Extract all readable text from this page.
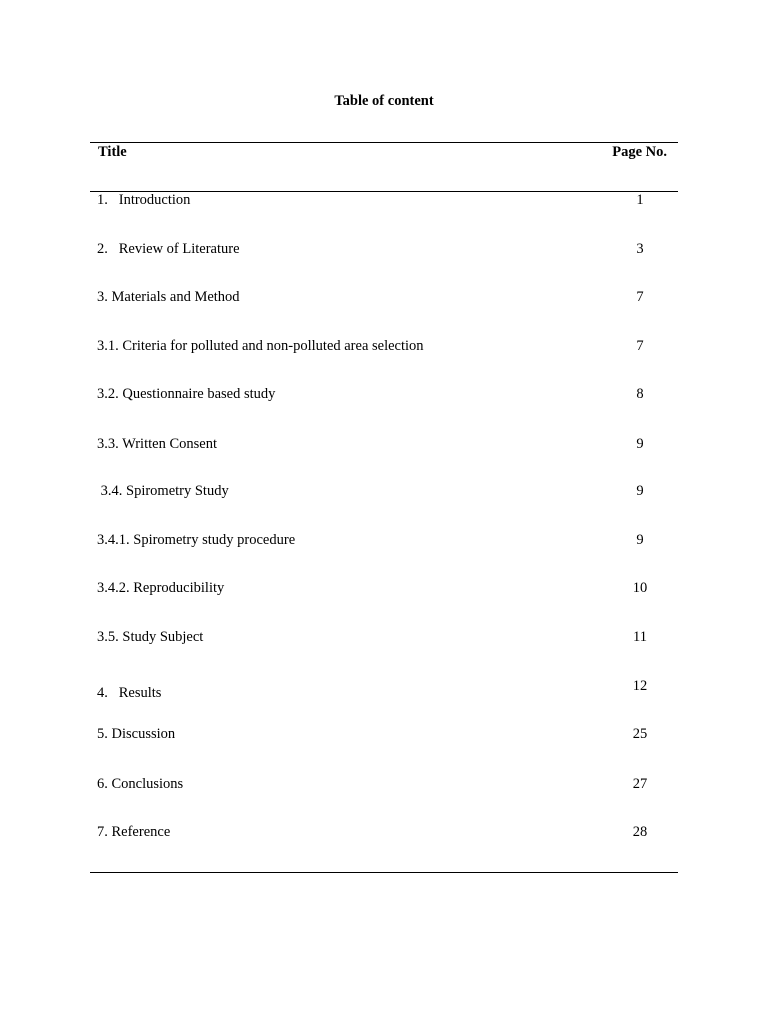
Table of content
Title	Page No.
1.   Introduction	1
2.   Review of Literature	3
3. Materials and Method	7
3.1. Criteria for polluted and non-polluted area selection	7
3.2. Questionnaire based study	8
3.3. Written Consent	9
3.4. Spirometry Study	9
3.4.1. Spirometry study procedure	9
3.4.2. Reproducibility	10
3.5. Study Subject	11
4.   Results	12
5. Discussion	25
6. Conclusions	27
7. Reference	28
